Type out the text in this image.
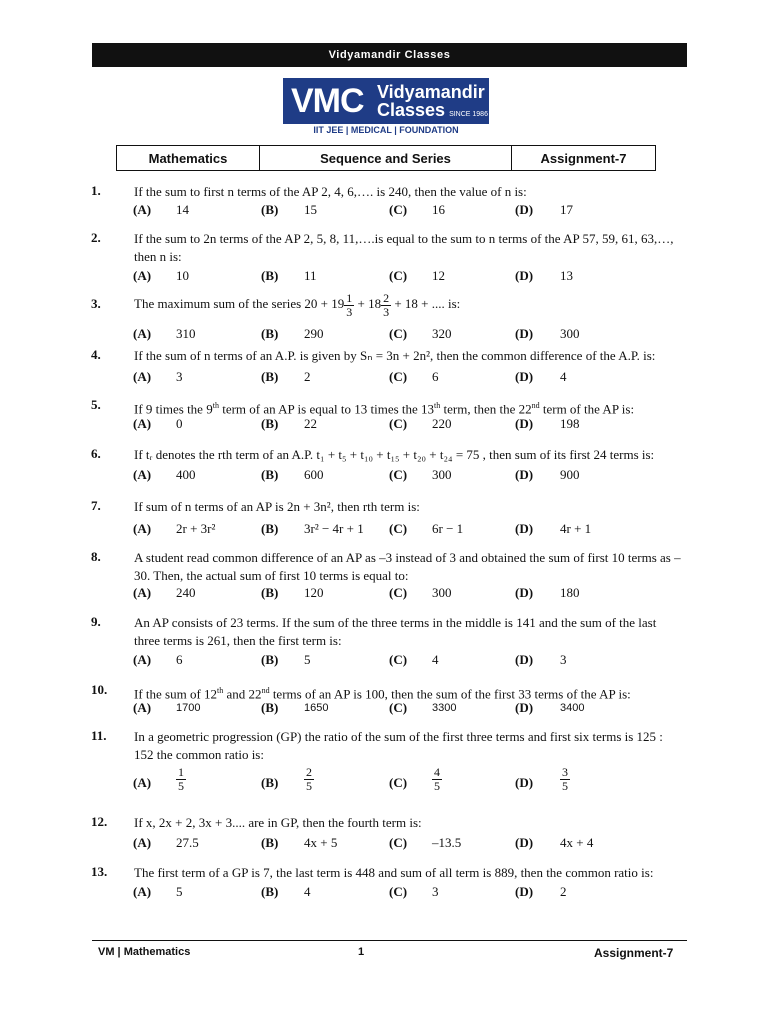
Vidyamandir Classes
VMC Vidyamandir
Classes SINCE 1986
IIT JEE | MEDICAL | FOUNDATION
Mathematics	Sequence and Series	Assignment-7
1.	If the sum to first n terms of the AP 2, 4, 6,…. is 240, then the value of n is:
(A) 14	(B) 15	(C) 16	(D) 17
2.	If the sum to 2n terms of the AP 2, 5, 8, 11,….is equal to the sum to n terms of the AP 57, 59, 61, 63,…, then n is:
(A) 10	(B) 11	(C) 12	(D) 13
3.	The maximum sum of the series $20 + 19 \frac{1}{3} + 18 \frac{2}{3} + 18$ + .... is:
(A) 310	(B) 290	(C) 320	(D) 300
4.	If the sum of n terms of an A.P. is given by Sₙ = 3n + 2n², then the common difference of the A.P. is:
(A) 3	(B) 2	(C) 6	(D) 4
5.	If 9 times the 9th term of an AP is equal to 13 times the 13th term, then the 22nd term of the AP is:
(A) 0	(B) 22	(C) 220	(D) 198
6.	If tᵣ denotes the rth term of an A.P. t₁ + t₅ + t₁₀ + t₁₅ + t₂₀ + t₂₄ = 75 , then sum of its first 24 terms is:
(A) 400	(B) 600	(C) 300	(D) 900
7.	If sum of n terms of an AP is 2n + 3n², then rth term is:
(A) 2r + 3r²	(B) 3r² − 4r + 1 (C) 6r − 1	(D) 4r + 1
8.	A student read common difference of an AP as –3 instead of 3 and obtained the sum of first 10 terms as –30. Then, the actual sum of first 10 terms is equal to:
(A) 240	(B) 120	(C) 300	(D) 180
9.	An AP consists of 23 terms. If the sum of the three terms in the middle is 141 and the sum of the last three terms is 261, then the first term is:
(A) 6	(B) 5	(C) 4	(D) 3
10. If the sum of 12th and 22nd terms of an AP is 100, then the sum of the first 33 terms of the AP is:
(A) 1700	(B) 1650	(C) 3300	(D) 3400
11. In a geometric progression (GP) the ratio of the sum of the first three terms and first six terms is 125 : 152 the common ratio is:
$(A) \frac{1}{5}$	$(B) \frac{2}{5}$	$(C) \frac{4}{5}$	$(D) \frac{3}{5}$
12. If x, 2x + 2, 3x + 3.... are in GP, then the fourth term is:
(A) 27.5	(B) 4x + 5	(C) –13.5	(D) 4x + 4
13. The first term of a GP is 7, the last term is 448 and sum of all term is 889, then the common ratio is:
(A) 5	(B) 4	(C) 3	(D) 2
VM | Mathematics	1	Assignment-7
